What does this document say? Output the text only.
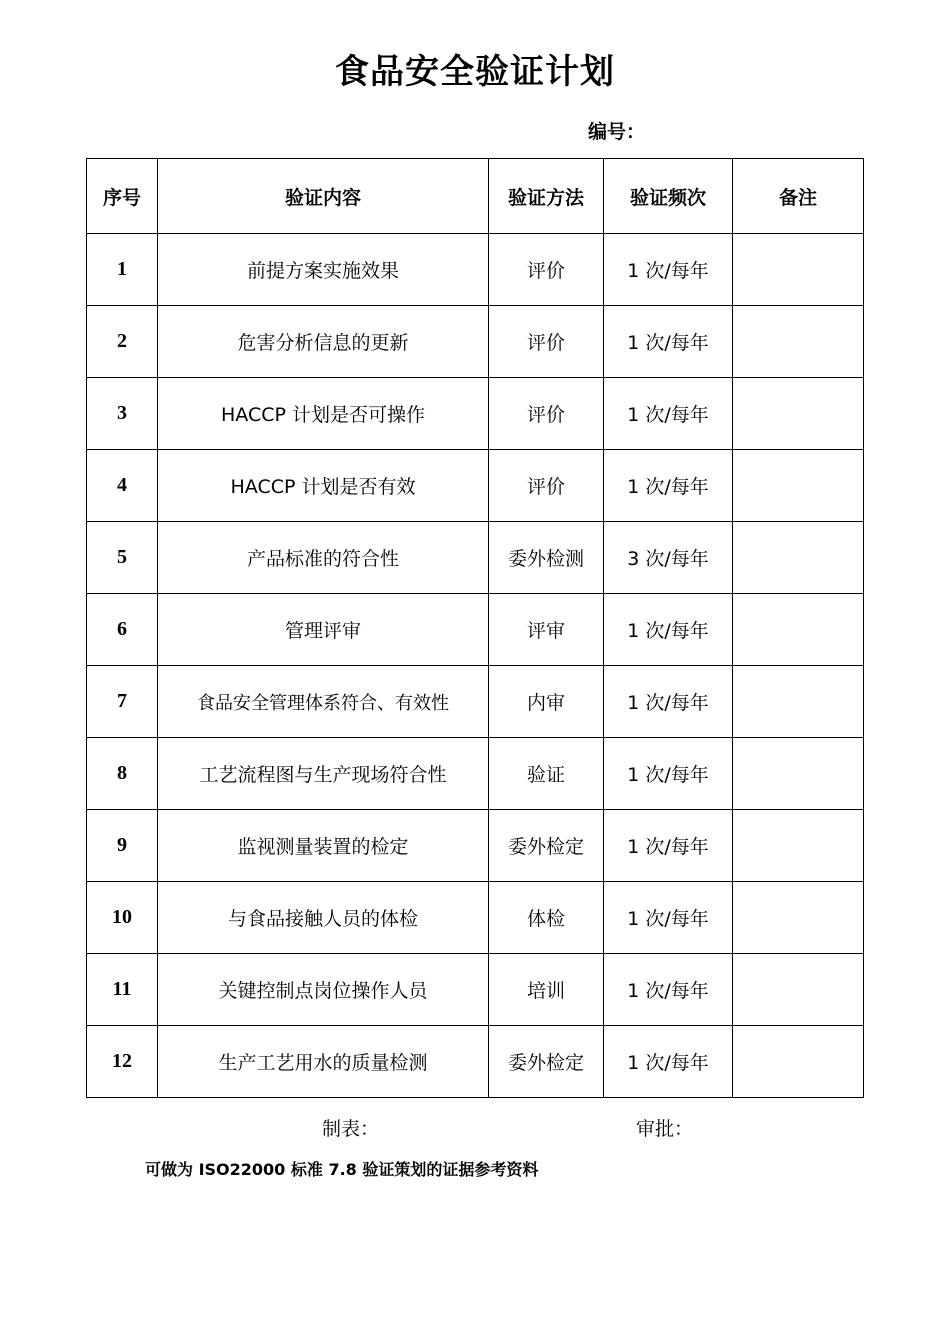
食品安全验证计划
编号：
序号	验证内容	验证方法	验证频次	备注
1	前提方案实施效果	评价	1 次/每年	
2	危害分析信息的更新	评价	1 次/每年	
3	HACCP 计划是否可操作	评价	1 次/每年	
4	HACCP 计划是否有效	评价	1 次/每年	
5	产品标准的符合性	委外检测	3 次/每年	
6	管理评审	评审	1 次/每年	
7	食品安全管理体系符合、有效性	内审	1 次/每年	
8	工艺流程图与生产现场符合性	验证	1 次/每年	
9	监视测量装置的检定	委外检定	1 次/每年	
10	与食品接触人员的体检	体检	1 次/每年	
11	关键控制点岗位操作人员	培训	1 次/每年	
12	生产工艺用水的质量检测	委外检定	1 次/每年	
制表：	审批：
可做为 ISO22000 标准 7.8 验证策划的证据参考资料
